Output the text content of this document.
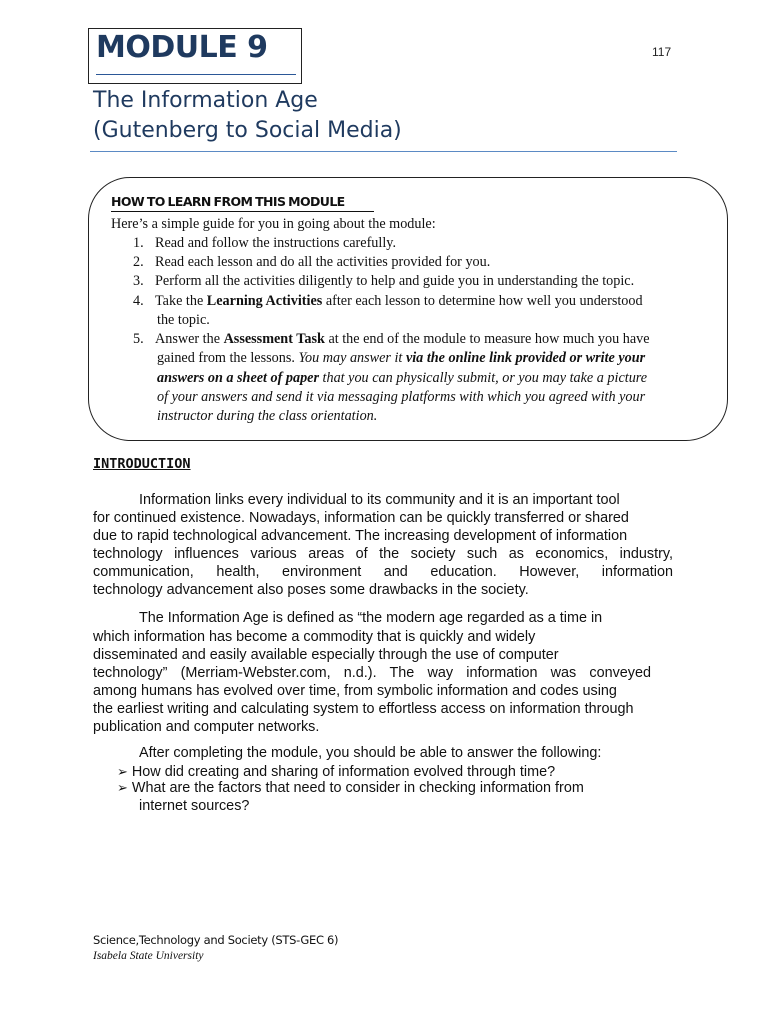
MODULE 9	117
The Information Age
(Gutenberg to Social Media)
HOW TO LEARN FROM THIS MODULE
Here’s a simple guide for you in going about the module:
1. Read and follow the instructions carefully.
2. Read each lesson and do all the activities provided for you.
3. Perform all the activities diligently to help and guide you in understanding the topic.
4. Take the Learning Activities after each lesson to determine how well you understood
the topic.
5. Answer the Assessment Task at the end of the module to measure how much you have
gained from the lessons. You may answer it via the online link provided or write your
answers on a sheet of paper that you can physically submit, or you may take a picture
of your answers and send it via messaging platforms with which you agreed with your
instructor during the class orientation.
INTRODUCTION
Information links every individual to its community and it is an important tool
for continued existence. Nowadays, information can be quickly transferred or shared
due to rapid technological advancement. The increasing development of information
technology influences various areas of the society such as economics, industry,
communication, health, environment and education. However, information
technology advancement also poses some drawbacks in the society.
The Information Age is defined as “the modern age regarded as a time in
which information has become a commodity that is quickly and widely
disseminated and easily available especially through the use of computer
technology” (Merriam-Webster.com, n.d.). The way information was conveyed
among humans has evolved over time, from symbolic information and codes using
the earliest writing and calculating system to effortless access on information through
publication and computer networks.
After completing the module, you should be able to answer the following:
➢ How did creating and sharing of information evolved through time?
➢ What are the factors that need to consider in checking information from
internet sources?
Science,Technology and Society (STS-GEC 6)
Isabela State University
